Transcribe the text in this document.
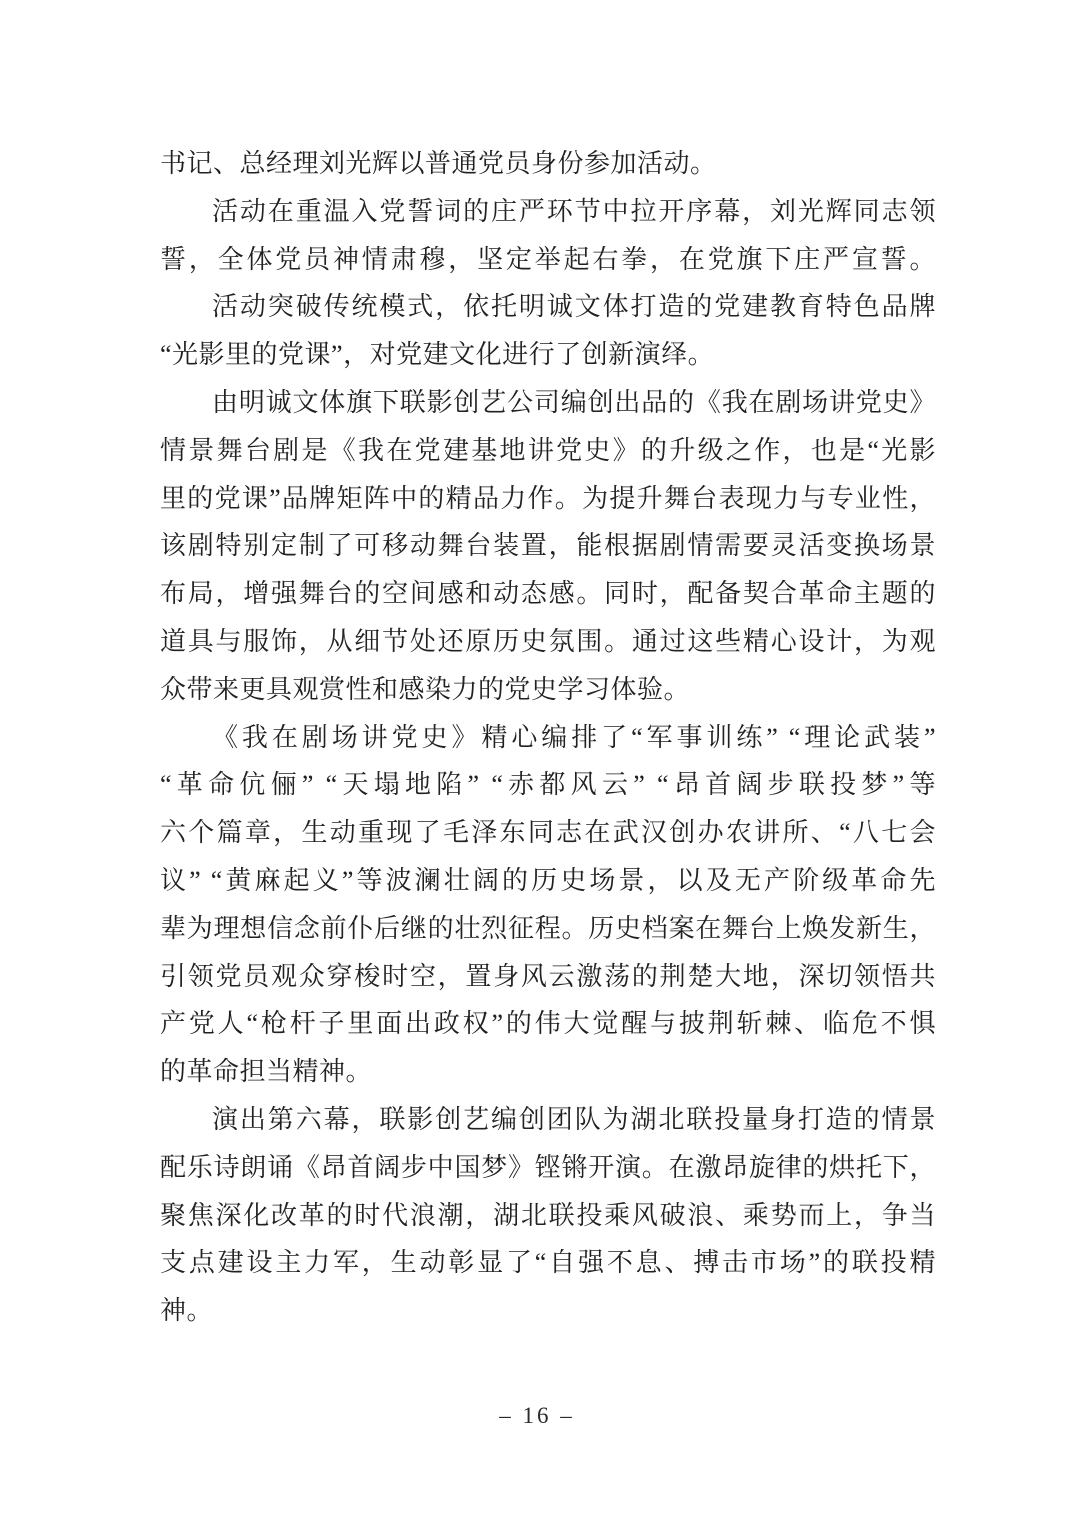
书记、总经理刘光辉以普通党员身份参加活动。
活动在重温入党誓词的庄严环节中拉开序幕，刘光辉同志领
誓，全体党员神情肃穆，坚定举起右拳，在党旗下庄严宣誓。
活动突破传统模式，依托明诚文体打造的党建教育特色品牌
“光影里的党课”，对党建文化进行了创新演绎。
由明诚文体旗下联影创艺公司编创出品的《我在剧场讲党史》
情景舞台剧是《我在党建基地讲党史》的升级之作，也是“光影
里的党课”品牌矩阵中的精品力作。为提升舞台表现力与专业性，
该剧特别定制了可移动舞台装置，能根据剧情需要灵活变换场景
布局，增强舞台的空间感和动态感。同时，配备契合革命主题的
道具与服饰，从细节处还原历史氛围。通过这些精心设计，为观
众带来更具观赏性和感染力的党史学习体验。
《我在剧场讲党史》精心编排了“军事训练” “理论武装”
“革命伉俪” “天塌地陷” “赤都风云” “昂首阔步联投梦”等
六个篇章，生动重现了毛泽东同志在武汉创办农讲所、“八七会
议” “黄麻起义”等波澜壮阔的历史场景，以及无产阶级革命先
辈为理想信念前仆后继的壮烈征程。历史档案在舞台上焕发新生，
引领党员观众穿梭时空，置身风云激荡的荆楚大地，深切领悟共
产党人“枪杆子里面出政权”的伟大觉醒与披荆斩棘、临危不惧
的革命担当精神。
演出第六幕，联影创艺编创团队为湖北联投量身打造的情景
配乐诗朗诵《昂首阔步中国梦》铿锵开演。在激昂旋律的烘托下，
聚焦深化改革的时代浪潮，湖北联投乘风破浪、乘势而上，争当
支点建设主力军，生动彰显了“自强不息、搏击市场”的联投精
神。
– 16 –
